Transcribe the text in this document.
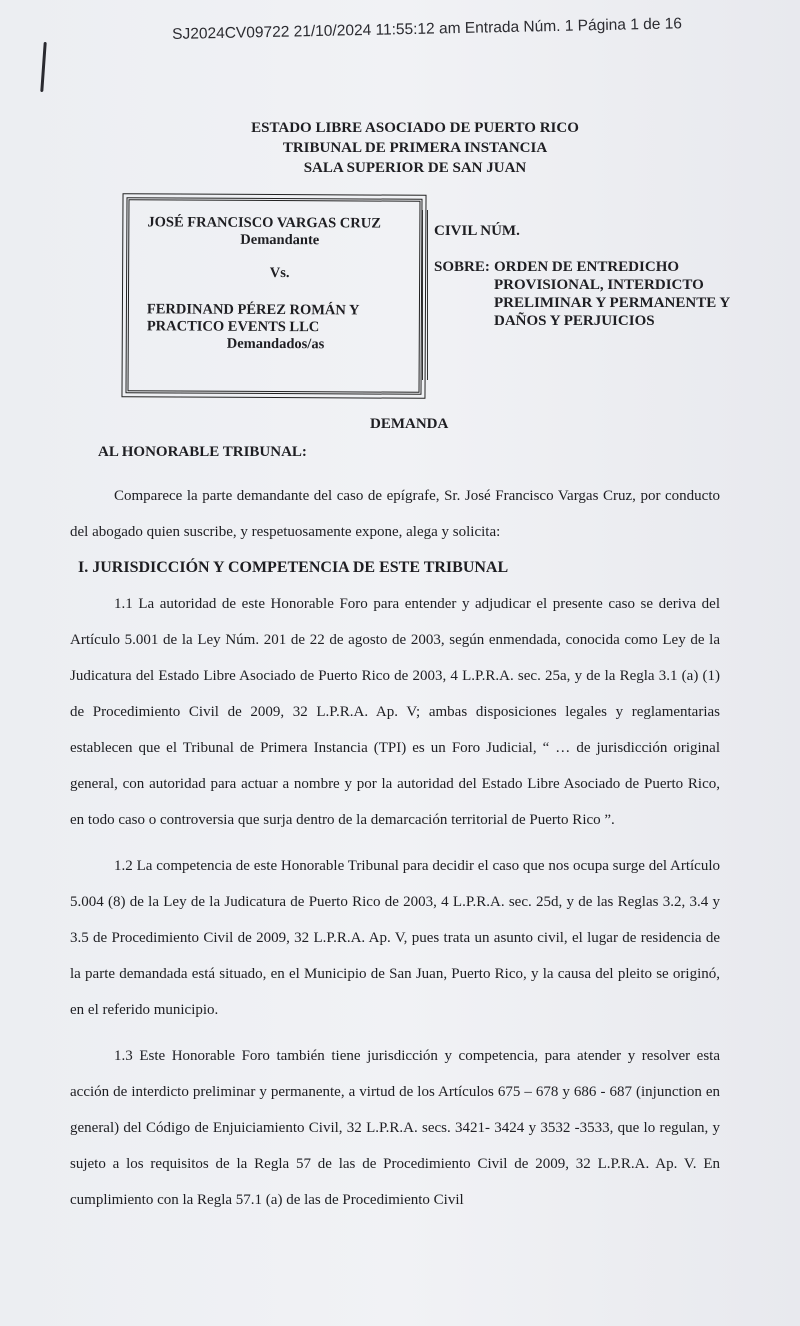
SJ2024CV09722 21/10/2024 11:55:12 am Entrada Núm. 1 Página 1 de 16
ESTADO LIBRE ASOCIADO DE PUERTO RICO
TRIBUNAL DE PRIMERA INSTANCIA
SALA SUPERIOR DE SAN JUAN
JOSÉ FRANCISCO VARGAS CRUZ
Demandante
Vs.
FERDINAND PÉREZ ROMÁN Y
PRACTICO EVENTS LLC
Demandados/as
CIVIL NÚM.
SOBRE: ORDEN DE ENTREDICHO PROVISIONAL, INTERDICTO PRELIMINAR Y PERMANENTE Y DAÑOS Y PERJUICIOS
DEMANDA
AL HONORABLE TRIBUNAL:

Comparece la parte demandante del caso de epígrafe, Sr. José Francisco Vargas Cruz, por conducto del abogado quien suscribe, y respetuosamente expone, alega y solicita:

I. JURISDICCIÓN Y COMPETENCIA DE ESTE TRIBUNAL

1.1 La autoridad de este Honorable Foro para entender y adjudicar el presente caso se deriva del Artículo 5.001 de la Ley Núm. 201 de 22 de agosto de 2003, según enmendada, conocida como Ley de la Judicatura del Estado Libre Asociado de Puerto Rico de 2003, 4 L.P.R.A. sec. 25a, y de la Regla 3.1 (a) (1) de Procedimiento Civil de 2009, 32 L.P.R.A. Ap. V; ambas disposiciones legales y reglamentarias establecen que el Tribunal de Primera Instancia (TPI) es un Foro Judicial, “ … de jurisdicción original general, con autoridad para actuar a nombre y por la autoridad del Estado Libre Asociado de Puerto Rico, en todo caso o controversia que surja dentro de la demarcación territorial de Puerto Rico ”.

1.2 La competencia de este Honorable Tribunal para decidir el caso que nos ocupa surge del Artículo 5.004 (8) de la Ley de la Judicatura de Puerto Rico de 2003, 4 L.P.R.A. sec. 25d, y de las Reglas 3.2, 3.4 y 3.5 de Procedimiento Civil de 2009, 32 L.P.R.A. Ap. V, pues trata un asunto civil, el lugar de residencia de la parte demandada está situado, en el Municipio de San Juan, Puerto Rico, y la causa del pleito se originó, en el referido municipio.

1.3 Este Honorable Foro también tiene jurisdicción y competencia, para atender y resolver esta acción de interdicto preliminar y permanente, a virtud de los Artículos 675 – 678 y 686 - 687 (injunction en general) del Código de Enjuiciamiento Civil, 32 L.P.R.A. secs. 3421- 3424 y 3532 -3533, que lo regulan, y sujeto a los requisitos de la Regla 57 de las de Procedimiento Civil de 2009, 32 L.P.R.A. Ap. V. En cumplimiento con la Regla 57.1 (a) de las de Procedimiento Civil
